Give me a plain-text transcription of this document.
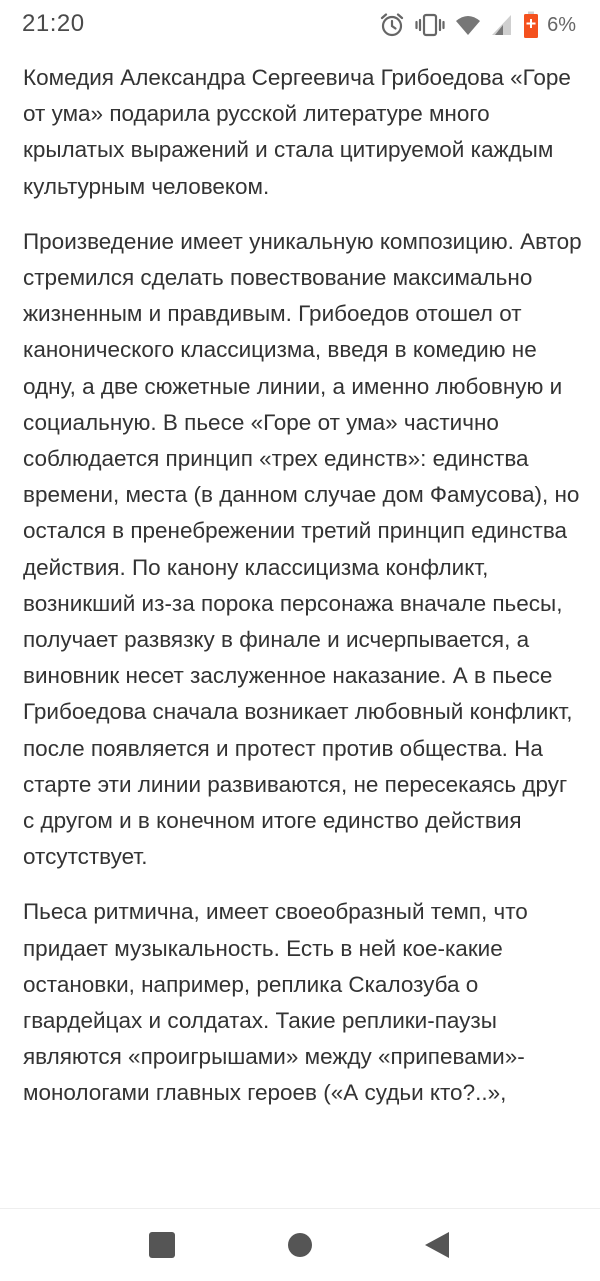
21:20	6%

Комедия Александра Сергеевича Грибоедова «Горе от ума» подарила русской литературе много крылатых выражений и стала цитируемой каждым культурным человеком.

Произведение имеет уникальную композицию. Автор стремился сделать повествование максимально жизненным и правдивым. Грибоедов отошел от канонического классицизма, введя в комедию не одну, а две сюжетные линии, а именно любовную и социальную. В пьесе «Горе от ума» частично соблюдается принцип «трех единств»: единства времени, места (в данном случае дом Фамусова), но остался в пренебрежении третий принцип единства действия. По канону классицизма конфликт, возникший из-за порока персонажа вначале пьесы, получает развязку в финале и исчерпывается, а виновник несет заслуженное наказание. А в пьесе Грибоедова сначала возникает любовный конфликт, после появляется и протест против общества. На старте эти линии развиваются, не пересекаясь друг с другом и в конечном итоге единство действия отсутствует.

Пьеса ритмична, имеет своеобразный темп, что придает музыкальность. Есть в ней кое-какие остановки, например, реплика Скалозуба о гвардейцах и солдатах. Такие реплики-паузы являются «проигрышами» между «припевами»-монологами главных героев («А судьи кто?..»,
